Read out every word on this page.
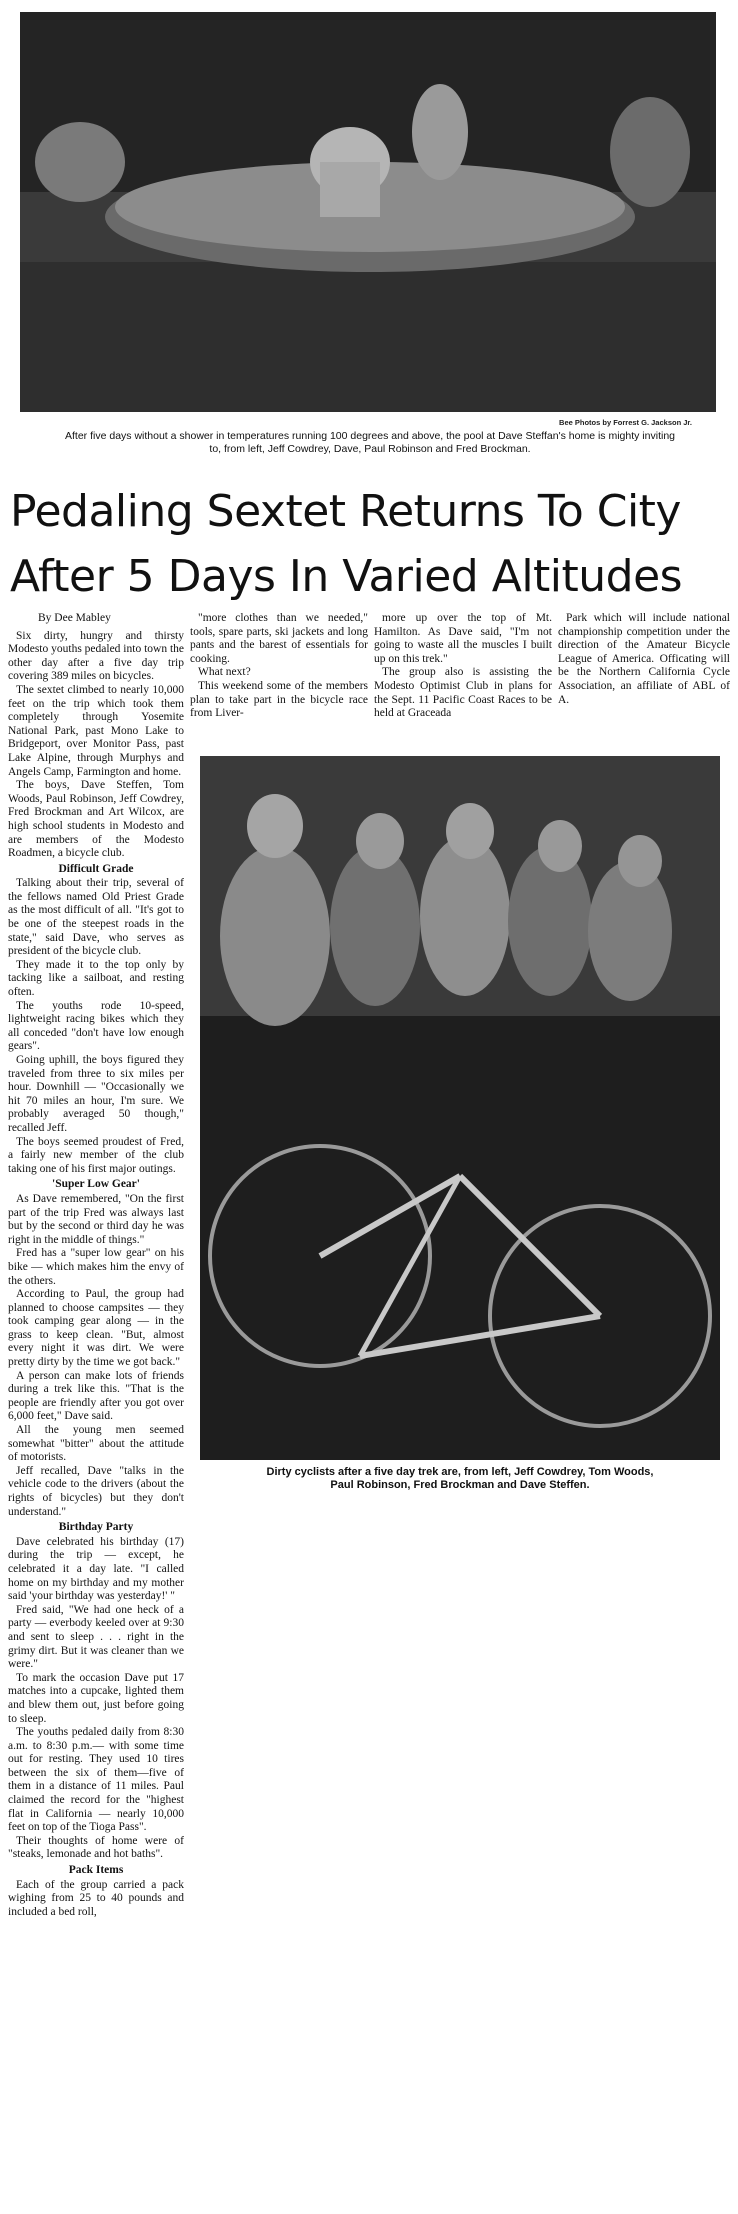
Bee Photos by Forrest G. Jackson Jr.
After five days without a shower in temperatures running 100 degrees and above, the pool at Dave Steffan's home is mighty inviting to, from left, Jeff Cowdrey, Dave, Paul Robinson and Fred Brockman.
Pedaling Sextet Returns To City
After 5 Days In Varied Altitudes

By Dee Mabley

Six dirty, hungry and thirsty Modesto youths pedaled into town the other day after a five day trip covering 389 miles on bicycles.

The sextet climbed to nearly 10,000 feet on the trip which took them completely through Yosemite National Park, past Mono Lake to Bridgeport, over Monitor Pass, past Lake Alpine, through Murphys and Angels Camp, Farmington and home.

The boys, Dave Steffen, Tom Woods, Paul Robinson, Jeff Cowdrey, Fred Brockman and Art Wilcox, are high school students in Modesto and are members of the Modesto Roadmen, a bicycle club.

Difficult Grade

Talking about their trip, several of the fellows named Old Priest Grade as the most difficult of all. "It's got to be one of the steepest roads in the state," said Dave, who serves as president of the bicycle club.

They made it to the top only by tacking like a sailboat, and resting often.

The youths rode 10-speed, lightweight racing bikes which they all conceded "don't have low enough gears".

Going uphill, the boys figured they traveled from three to six miles per hour. Downhill — "Occasionally we hit 70 miles an hour, I'm sure. We probably averaged 50 though," recalled Jeff.

The boys seemed proudest of Fred, a fairly new member of the club taking one of his first major outings.

'Super Low Gear'

As Dave remembered, "On the first part of the trip Fred was always last but by the second or third day he was right in the middle of things."

Fred has a "super low gear" on his bike — which makes him the envy of the others.

According to Paul, the group had planned to choose campsites — they took camping gear along — in the grass to keep clean. "But, almost every night it was dirt. We were pretty dirty by the time we got back."

A person can make lots of friends during a trek like this. "That is the people are friendly after you got over 6,000 feet," Dave said.

All the young men seemed somewhat "bitter" about the attitude of motorists.

Jeff recalled, Dave "talks in the vehicle code to the drivers (about the rights of bicycles) but they don't understand."

Birthday Party

Dave celebrated his birthday (17) during the trip — except, he celebrated it a day late. "I called home on my birthday and my mother said 'your birthday was yesterday!' "

Fred said, "We had one heck of a party — everbody keeled over at 9:30 and sent to sleep . . . right in the grimy dirt. But it was cleaner than we were."

To mark the occasion Dave put 17 matches into a cupcake, lighted them and blew them out, just before going to sleep.

The youths pedaled daily from 8:30 a.m. to 8:30 p.m.— with some time out for resting. They used 10 tires between the six of them—five of them in a distance of 11 miles. Paul claimed the record for the "highest flat in California — nearly 10,000 feet on top of the Tioga Pass".

Their thoughts of home were of "steaks, lemonade and hot baths".

Pack Items

Each of the group carried a pack wighing from 25 to 40 pounds and included a bed roll,

"more clothes than we needed," tools, spare parts, ski jackets and long pants and the barest of essentials for cooking.

What next?

This weekend some of the members plan to take part in the bicycle race from Liver-

more up over the top of Mt. Hamilton. As Dave said, "I'm not going to waste all the muscles I built up on this trek."

The group also is assisting the Modesto Optimist Club in plans for the Sept. 11 Pacific Coast Races to be held at Graceada

Park which will include national championship competition under the direction of the Amateur Bicycle League of America. Officating will be the Northern California Cycle Association, an affiliate of ABL of A.

Dirty cyclists after a five day trek are, from left, Jeff Cowdrey, Tom Woods,
Paul Robinson, Fred Brockman and Dave Steffen.
